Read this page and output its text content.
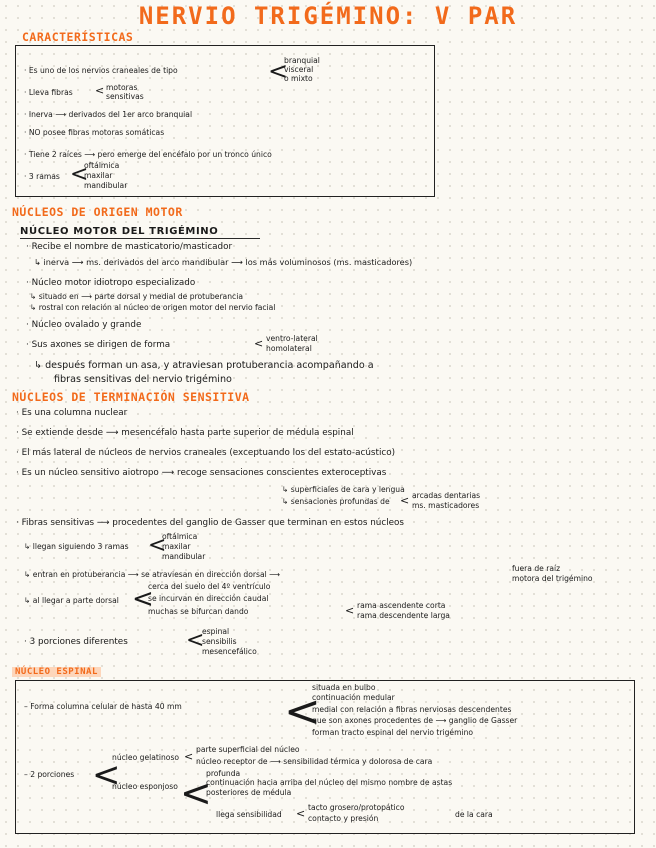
NERVIO TRIGÉMINO: V PAR
CARACTERÍSTICAS
· Es uno de los nervios craneales de tipo	<
branquial
visceral
o mixto
· Lleva fibras < motoras
sensitivas
· Inerva ⟶ derivados del 1er arco branquial
· NO posee fibras motoras somáticas
· Tiene 2 raíces ⟶ pero emerge del encéfalo por un tronco único
· 3 ramas <
oftálmica
maxilar
mandibular
NÚCLEOS DE ORIGEN MOTOR
NÚCLEO MOTOR DEL TRIGÉMINO
· Recibe el nombre de masticatorio/masticador
↳ inerva ⟶ ms. derivados del arco mandibular ⟶ los más voluminosos (ms. masticadores)
· Núcleo motor idiotropo especializado
↳ situado en ⟶ parte dorsal y medial de protuberancia
↳ rostral con relación al núcleo de origen motor del nervio facial
· Núcleo ovalado y grande
· Sus axones se dirigen de forma	< ventro-lateral
homolateral
↳ después forman un asa, y atraviesan protuberancia acompañando a
fibras sensitivas del nervio trigémino
NÚCLEOS DE TERMINACIÓN SENSITIVA
· Es una columna nuclear
· Se extiende desde ⟶ mesencéfalo hasta parte superior de médula espinal
· El más lateral de núcleos de nervios craneales (exceptuando los del estato-acústico)
· Es un núcleo sensitivo aiotropo ⟶ recoge sensaciones conscientes exteroceptivas
↳ superficiales de cara y lengua
↳ sensaciones profundas de < arcadas dentarias
ms. masticadores
· Fibras sensitivas ⟶ procedentes del ganglio de Gasser que terminan en estos núcleos
↳ llegan siguiendo 3 ramas <
oftálmica
maxilar
mandibular
↳ entran en protuberancia ⟶ se atraviesan en dirección dorsal ⟶
fuera de raíz
motora del trigémino
↳ al llegar a parte dorsal <
cerca del suelo del 4º ventrículo
se incurvan en dirección caudal
muchas se bifurcan dando	< rama ascendente corta
rama descendente larga
· 3 porciones diferentes	<
espinal
sensibilis
mesencefálico
NÚCLEO ESPINAL
– Forma columna celular de hasta 40 mm <
situada en bulbo
continuación medular
medial con relación a fibras nerviosas descendentes
que son axones procedentes de ⟶ ganglio de Gasser
forman tracto espinal del nervio trigémino
– 2 porciones <
núcleo gelatinoso <
parte superficial del núcleo
núcleo receptor de ⟶ sensibilidad térmica y dolorosa de cara
núcleo esponjoso <
profunda
continuación hacia arriba del núcleo del mismo nombre de astas
posteriores de médula
llega sensibilidad < tacto grosero/protopático
contacto y presión	de la cara
